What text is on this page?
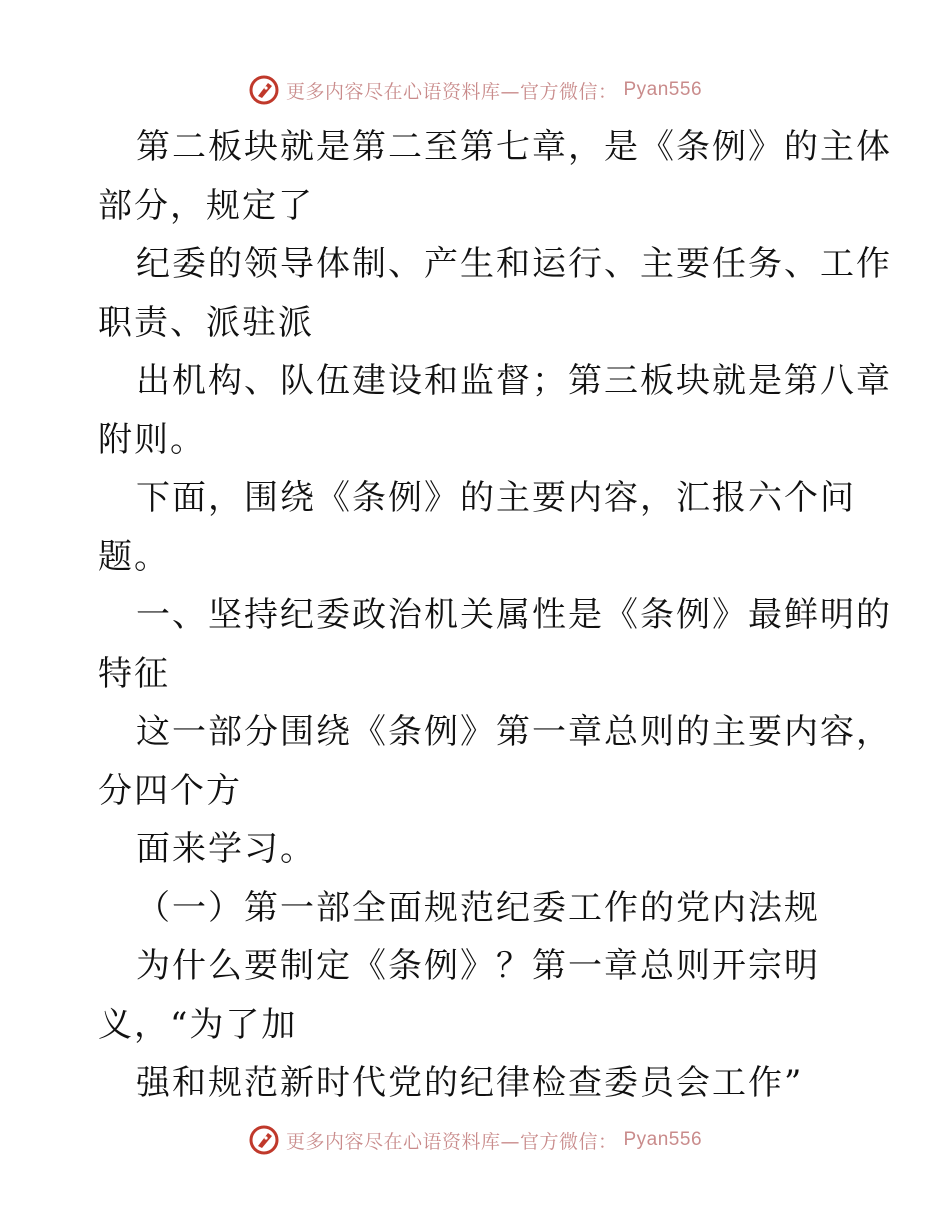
更多内容尽在心语资料库—官方微信： Pyan556
第二板块就是第二至第七章，是《条例》的主体
部分，规定了
纪委的领导体制、产生和运行、主要任务、工作
职责、派驻派
出机构、队伍建设和监督；第三板块就是第八章
附则。
下面，围绕《条例》的主要内容，汇报六个问
题。
一、坚持纪委政治机关属性是《条例》最鲜明的
特征
这一部分围绕《条例》第一章总则的主要内容，
分四个方
面来学习。
（一）第一部全面规范纪委工作的党内法规
为什么要制定《条例》？第一章总则开宗明
义，“为了加
强和规范新时代党的纪律检查委员会工作”
更多内容尽在心语资料库—官方微信： Pyan556
